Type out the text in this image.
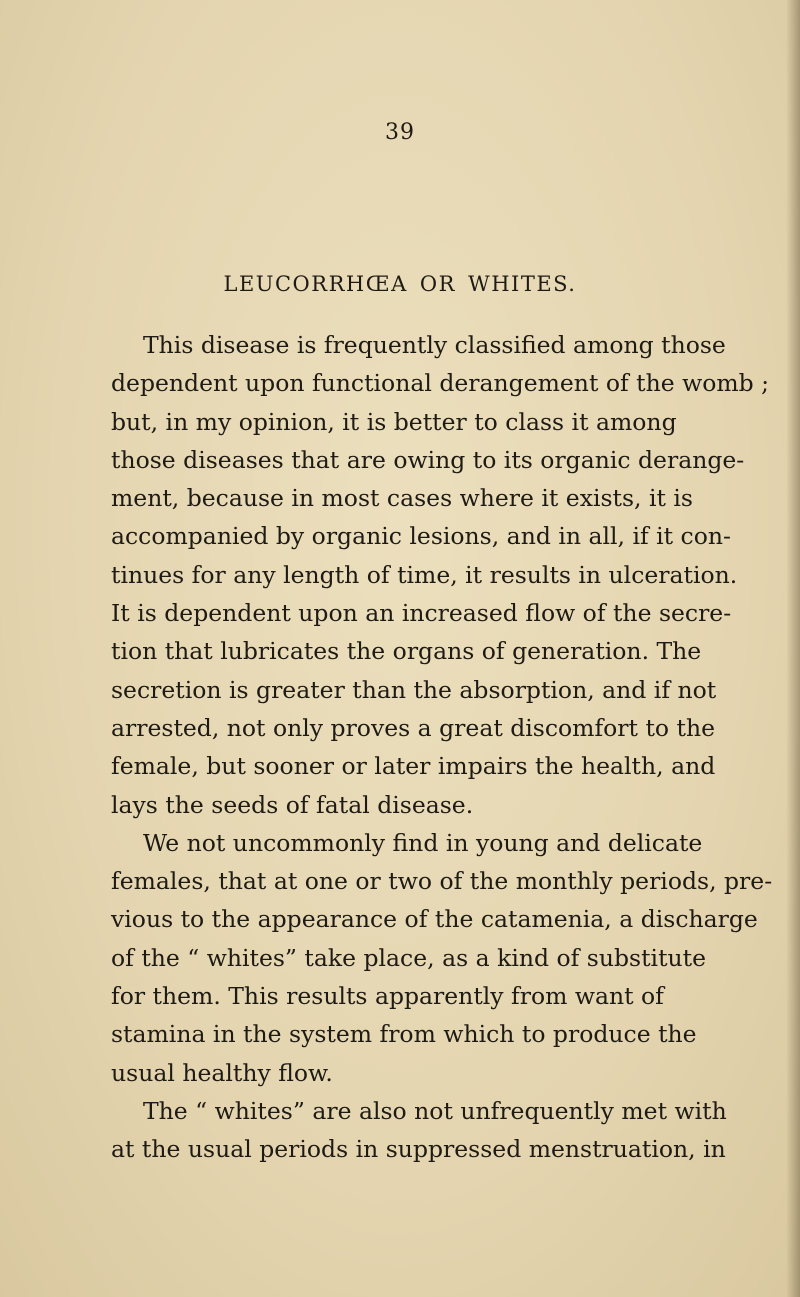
39
LEUCORRHŒA OR WHITES.

This disease is frequently classified among those
dependent upon functional derangement of the womb ;
but, in my opinion, it is better to class it among
those diseases that are owing to its organic derange-
ment, because in most cases where it exists, it is
accompanied by organic lesions, and in all, if it con-
tinues for any length of time, it results in ulceration.
It is dependent upon an increased flow of the secre-
tion that lubricates the organs of generation. The
secretion is greater than the absorption, and if not
arrested, not only proves a great discomfort to the
female, but sooner or later impairs the health, and
lays the seeds of fatal disease.

We not uncommonly find in young and delicate
females, that at one or two of the monthly periods, pre-
vious to the appearance of the catamenia, a discharge
of the “ whites” take place, as a kind of substitute
for them. This results apparently from want of
stamina in the system from which to produce the
usual healthy flow.

The “ whites” are also not unfrequently met with
at the usual periods in suppressed menstruation, in
